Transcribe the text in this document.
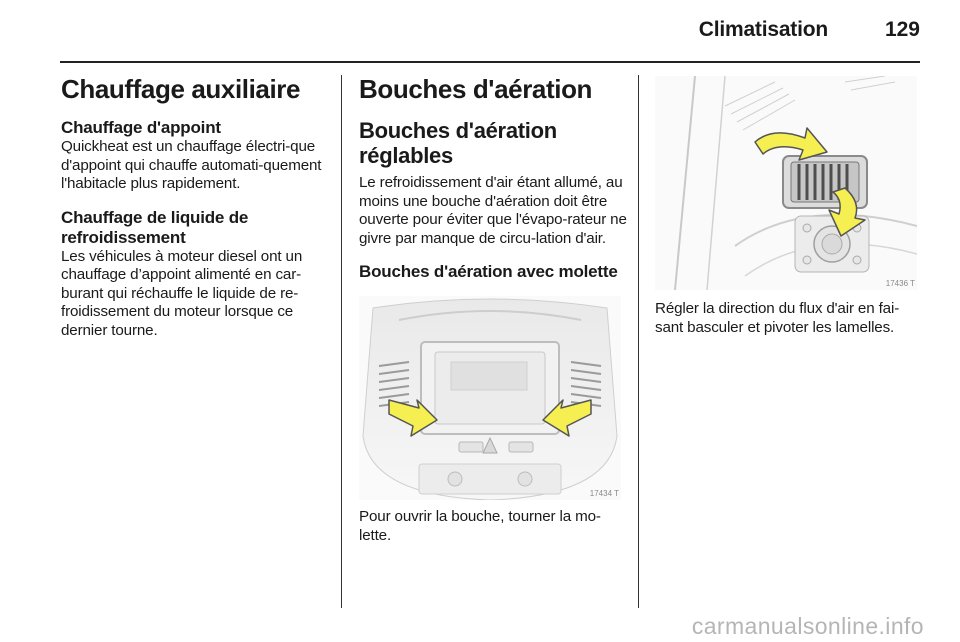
Climatisation	129
Chauffage auxiliaire
Chauffage d'appoint

Quickheat est un chauffage électri-que d'appoint qui chauffe automati-quement l'habitacle plus rapidement.

Chauffage de liquide de refroidissement

Les véhicules à moteur diesel ont un chauffage d’appoint alimenté en car-burant qui réchauffe le liquide de re-froidissement du moteur lorsque ce dernier tourne.

Bouches d'aération
Bouches d'aération réglables

Le refroidissement d'air étant allumé, au moins une bouche d'aération doit être ouverte pour éviter que l'évapo-rateur ne givre par manque de circu-lation d'air.

Bouches d'aération avec molette
17434 T

Pour ouvrir la bouche, tourner la mo-lette.

17436 T

Régler la direction du flux d'air en fai-sant basculer et pivoter les lamelles.

carmanualsonline.info
